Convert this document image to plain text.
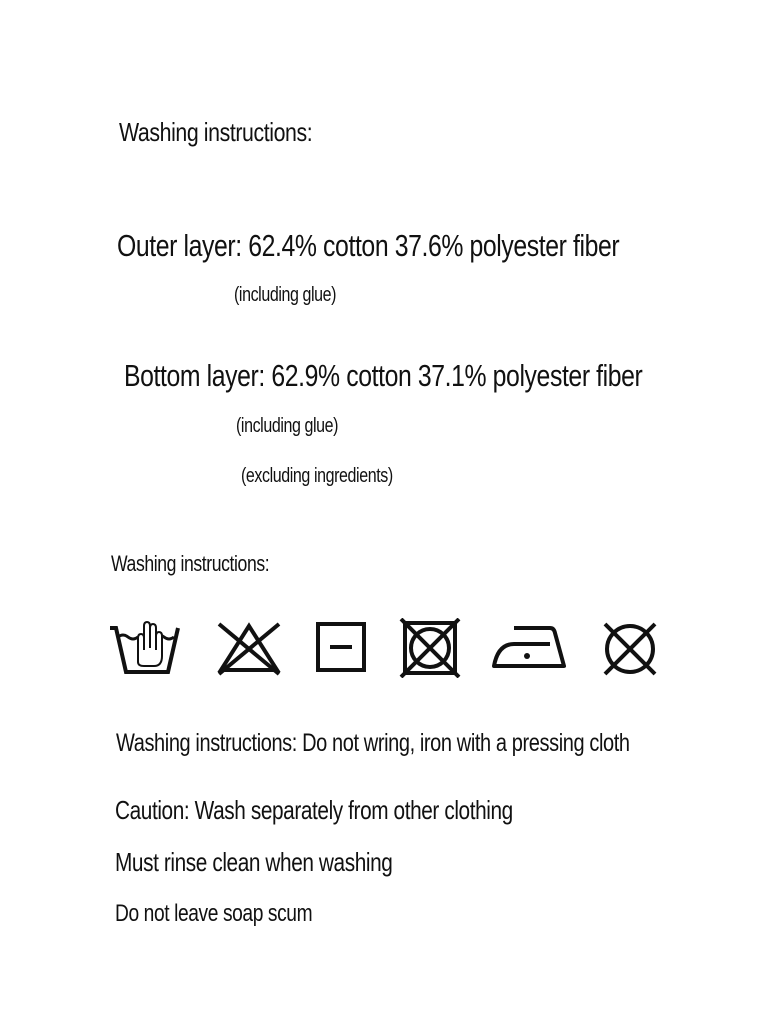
Washing instructions:
Outer layer: 62.4% cotton 37.6% polyester fiber
(including glue)
Bottom layer: 62.9% cotton 37.1% polyester fiber
(including glue)
(excluding ingredients)
Washing instructions:
Washing instructions: Do not wring, iron with a pressing cloth
Caution: Wash separately from other clothing
Must rinse clean when washing
Do not leave soap scum
